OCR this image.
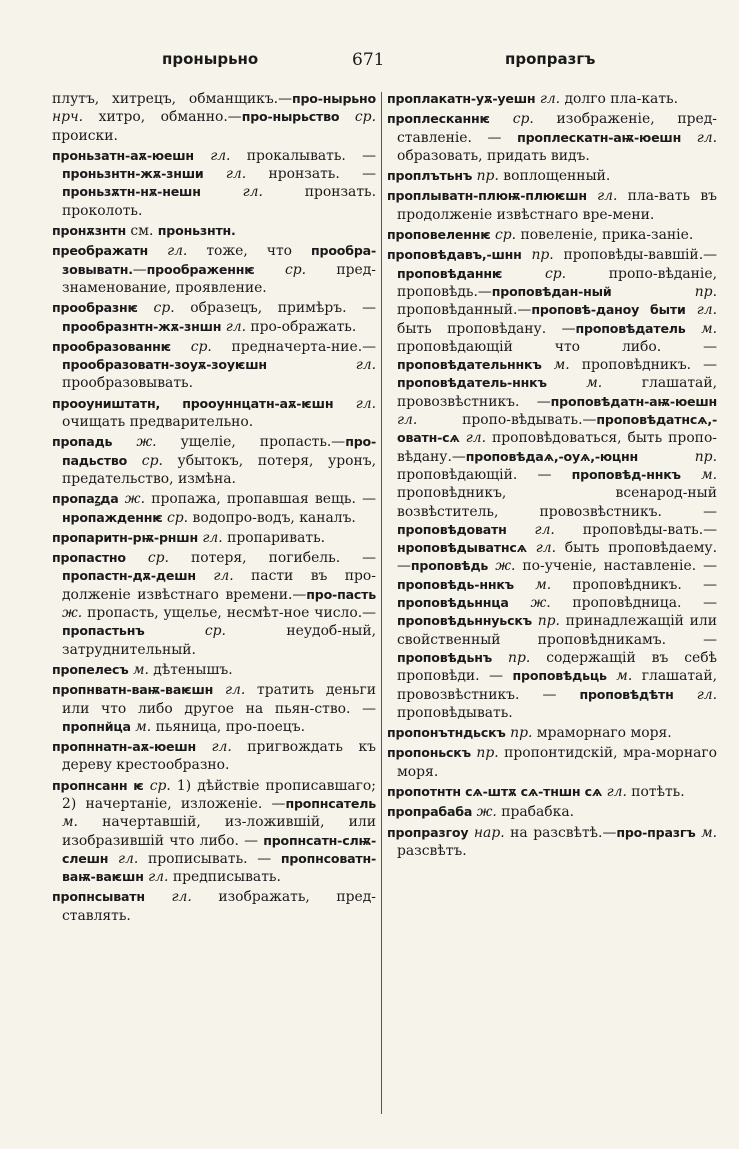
пронырьно	671	пропразгъ

плутъ, хитрецъ, обманщикъ.—про-нырьно нрч. хитро, обманно.—про-нырьство ср. происки.

проньзатн-аѫ-юешн гл. прокалывать. —проньзнтн-жѫ-знши гл. нронзать. —проньзѫтн-нѫ-нешн	гл. пронзать. проколоть.

пронѫзнтн см. проньзнтн.

преображатн гл. тоже, что прообра-зовыватн.—проображеннѥ ср. пред-знаменование, проявление.

прообразнѥ ср. образецъ, примѣръ. — прообразнтн-жѫ-зншн гл. про-ображать.

прообразованнѥ ср. предначерта-ние.— прообразоватн-зоуѫ-зоуѥшн	гл. прообразовывать.

прооуништатн, прооуннцатн-аѫ-ѥшн гл. очищать предварительно.

пропадь ж. ущелiе, пропасть.—про-падьство ср. убытокъ, потеря, уронъ, предательство, измѣна.

пропаꙁда ж. пропажа, пропавшая вещь. — нропажденнѥ ср. водопро-водъ, каналъ.

пропаритн-рѭ-рншн гл. пропаривать.

пропастно ср. потеря, погибель. — пропастн-дѫ-дешн гл. пасти въ про-долженiе извѣстнаго времени.—про-пасть ж. пропасть, ущелье, несмѣт-ное число.—пропастьнъ	ср. неудоб-ный, затруднительный.

пропелесъ м. дѣтенышъ.

пропнватн-ваѭ-ваѥшн гл. тратить деньги или что либо другое на пьян-ство. — пропнйца м. пьяница, про-поецъ.

пропннатн-аѫ-юешн гл. пригвождать къ дереву крестообразно.

пропнсанн ѥ ср. 1) дѣйствiе прописавшаго; 2) начертанiе, изложенiе. —пропнсатель м. начертавшiй, из-ложившiй, или изобразившiй что либо. — пропнсатн-слѭ-слешн гл. прописывать. — пропнсоватн-ваѭ-ваѥшн гл. предписывать.

пропнсыватн гл. изображать, пред-ставлять.

проплакатн-уѫ-уешн гл. долго пла-кать.

проплесканнѥ ср. изображенiе, пред-ставленiе. — проплескатн-аѭ-юешн гл. образовать, придать видъ.

проплътьнъ пр. воплощенный.

проплыватн-плюѭ-плюѥшн гл. пла-вать въ продолженiе извѣстнаго вре-мени.

проповеленнѥ ср. повеленiе, прика-занiе.

проповѣдавъ,-шнн пр. проповѣды-вавшiй.—проповѣданнѥ	ср. пропо-вѣданiе, проповѣдь.—проповѣдан-ный	пр. проповѣданный.—проповѣ-даноу быти гл. быть проповѣдану. —проповѣдатель м. проповѣдающiй что либо. — проповѣдательннкъ м. проповѣдникъ. — проповѣдатель-ннкъ	м. глашатай, провозвѣстникъ. —проповѣдатн-аѭ-юешн гл. пропо-вѣдывать.—проповѣдатнсѧ,-оватн-сѧ гл. проповѣдоваться, быть пропо-вѣдану.—проповѣдаѧ,-оуѧ,-юцнн	пр. проповѣдающiй. — проповѣд-ннкъ м. проповѣдникъ, всенарод-ный возвѣститель, провозвѣстникъ. — проповѣдоватн гл. проповѣды-вать.—нроповѣдыватнсѧ гл. быть проповѣдаему.—проповѣдь ж. по-ученiе, наставленiе. — проповѣдь-ннкъ м. проповѣдникъ. — проповѣдьннца ж. проповѣдница. — проповѣдьннуьскъ пр. принадлежащiй или свойственный проповѣдникамъ. —проповѣдьнъ пр. содержащiй въ себѣ проповѣди. — проповѣдьць м. глашатай, провозвѣстникъ. — проповѣдѣтн гл. проповѣдывать.

пропонътндьскъ пр. мраморнаго моря.

пропоньскъ пр. пропонтидскiй, мра-морнаго моря.

пропотнтн сѧ-штѫ сѧ-тншн сѧ гл. потѣть.

пропрабаба ж. прабабка.

пропразгоу нар. на разсвѣтѣ.—про-празгъ м. разсвѣтъ.
